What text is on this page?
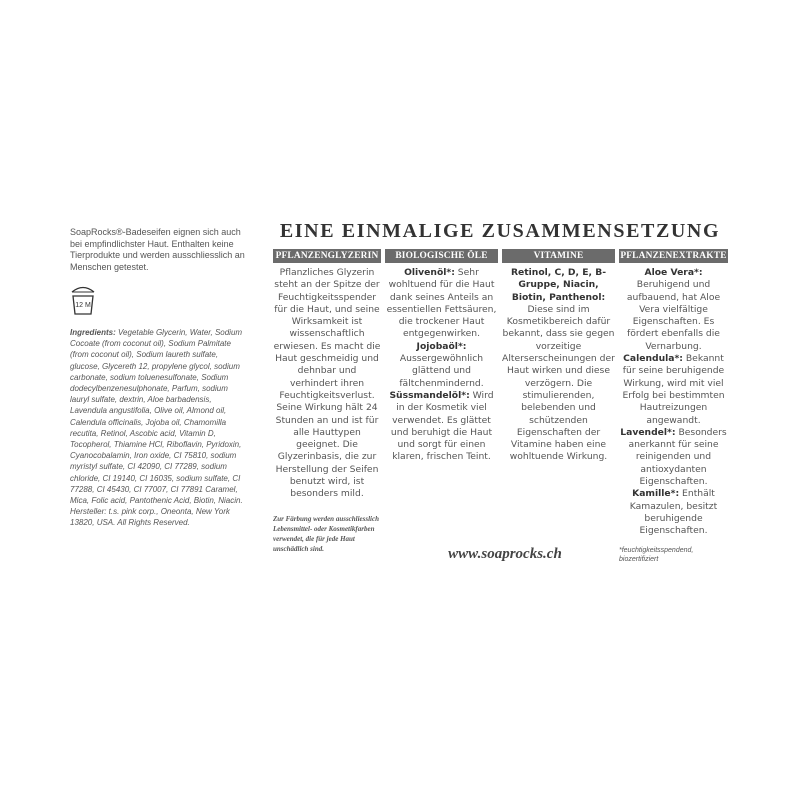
SoapRocks®-Badeseifen eignen sich auch bei empfindlichster Haut. Enthalten keine Tierprodukte und werden ausschliesslich an Menschen getestet.
12 M
Ingredients: Vegetable Glycerin, Water, Sodium Cocoate (from coconut oil), Sodium Palmitate (from coconut oil), Sodium laureth sulfate, glucose, Glycereth 12, propylene glycol, sodium carbonate, sodium toluenesulfonate, Sodium dodecylbenzenesulphonate, Parfum, sodium lauryl sulfate, dextrin, Aloe barbadensis, Lavendula angustifolia, Olive oil, Almond oil, Calendula officinalis, Jojoba oil, Chamomilla recutita, Retinol, Ascobic acid, Vitamin D, Tocopherol, Thiamine HCl, Riboflavin, Pyridoxin, Cyanocobalamin, Iron oxide, CI 75810, sodium myristyl sulfate, CI 42090, CI 77289, sodium chloride, CI 19140, CI 16035, sodium sulfate, CI 77288, CI 45430, CI 77007, CI 77891 Caramel, Mica, Folic acid, Pantothenic Acid, Biotin, Niacin.
Hersteller: t.s. pink corp., Oneonta, New York 13820, USA. All Rights Reserved.
EINE EINMALIGE ZUSAMMENSETZUNG
PFLANZENGLYZERIN
Pflanzliches Glyzerin steht an der Spitze der Feuchtigkeitsspender für die Haut, und seine Wirksamkeit ist wissenschaftlich erwiesen. Es macht die Haut geschmeidig und dehnbar und verhindert ihren Feuchtigkeitsverlust. Seine Wirkung hält 24 Stunden an und ist für alle Hauttypen geeignet. Die Glyzerinbasis, die zur Herstellung der Seifen benutzt wird, ist besonders mild.
BIOLOGISCHE ÖLE
Olivenöl*: Sehr wohltuend für die Haut dank seines Anteils an essentiellen Fettsäuren, die trockener Haut entgegenwirken. Jojobaöl*: Aussergewöhnlich glättend und fältchenmindernd. Süssmandelöl*: Wird in der Kosmetik viel verwendet. Es glättet und beruhigt die Haut und sorgt für einen klaren, frischen Teint.
VITAMINE
Retinol, C, D, E, B-Gruppe, Niacin, Biotin, Panthenol: Diese sind im Kosmetikbereich dafür bekannt, dass sie gegen vorzeitige Alterserscheinungen der Haut wirken und diese verzögern. Die stimulierenden, belebenden und schützenden Eigenschaften der Vitamine haben eine wohltuende Wirkung.
PFLANZENEXTRAKTE
Aloe Vera*: Beruhigend und aufbauend, hat Aloe Vera vielfältige Eigenschaften. Es fördert ebenfalls die Vernarbung. Calendula*: Bekannt für seine beruhigende Wirkung, wird mit viel Erfolg bei bestimmten Hautreizungen angewandt. Lavendel*: Besonders anerkannt für seine reinigenden und antioxydanten Eigenschaften. Kamille*: Enthält Kamazulen, besitzt beruhigende Eigenschaften.
Zur Färbung werden ausschliesslich Lebensmittel- oder Kosmetikfarben verwendet, die für jede Haut unschädlich sind.	www.soaprocks.ch	*feuchtigkeitsspendend, biozertifiziert
